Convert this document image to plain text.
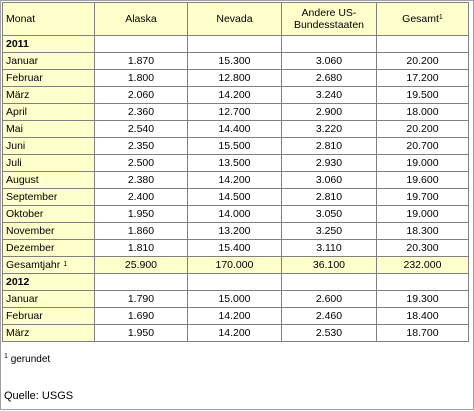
Monat	Alaska	Nevada	Andere US-
Bundesstaaten	Gesamt$^1$
2011				
Januar	1.870	15.300	3.060	20.200
Februar	1.800	12.800	2.680	17.200
März	2.060	14.200	3.240	19.500
April	2.360	12.700	2.900	18.000
Mai	2.540	14.400	3.220	20.200
Juni	2.350	15.500	2.810	20.700
Juli	2.500	13.500	2.930	19.000
August	2.380	14.200	3.060	19.600
September	2.400	14.500	2.810	19.700
Oktober	1.950	14.000	3.050	19.000
November	1.860	13.200	3.250	18.300
Dezember	1.810	15.400	3.110	20.300
Gesamtjahr $^1$	25.900	170.000	36.100	232.000
2012				
Januar	1.790	15.000	2.600	19.300
Februar	1.690	14.200	2.460	18.400
März	1.950	14.200	2.530	18.700
$^1$ gerundet
Quelle: USGS
